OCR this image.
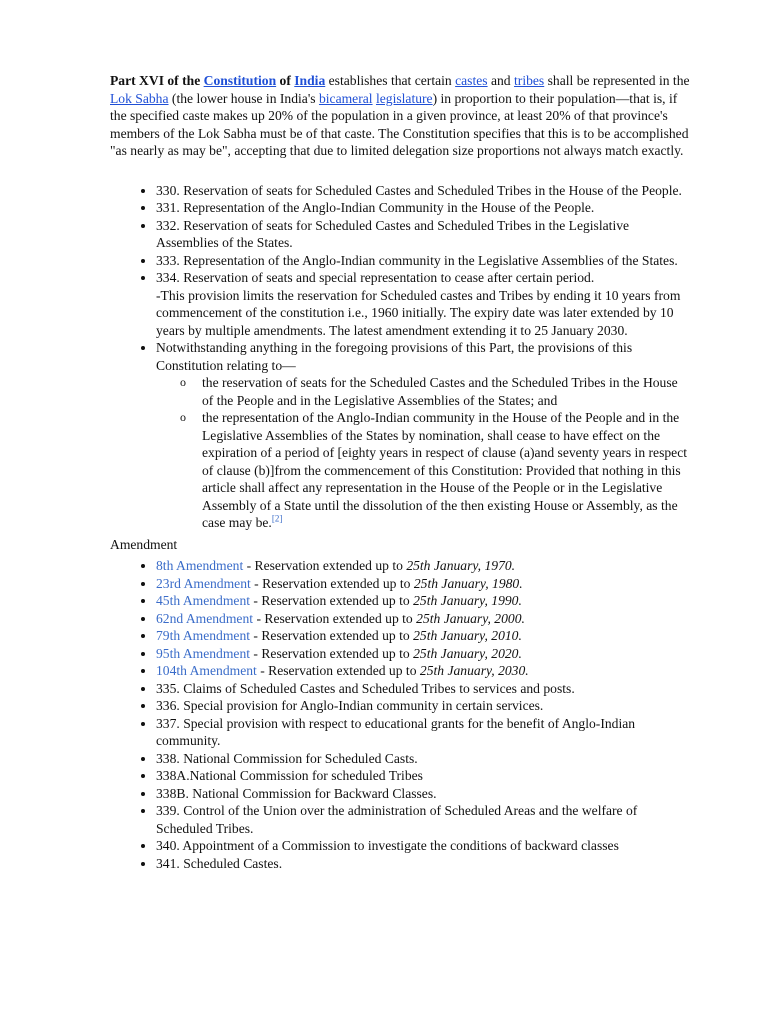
Part XVI of the Constitution of India establishes that certain castes and tribes shall be represented in the Lok Sabha (the lower house in India's bicameral legislature) in proportion to their population—that is, if the specified caste makes up 20% of the population in a given province, at least 20% of that province's members of the Lok Sabha must be of that caste. The Constitution specifies that this is to be accomplished "as nearly as may be", accepting that due to limited delegation size proportions not always match exactly.

• 330. Reservation of seats for Scheduled Castes and Scheduled Tribes in the House of the People.
• 331. Representation of the Anglo-Indian Community in the House of the People.
• 332. Reservation of seats for Scheduled Castes and Scheduled Tribes in the Legislative Assemblies of the States.
• 333. Representation of the Anglo-Indian community in the Legislative Assemblies of the States.
• 334. Reservation of seats and special representation to cease after certain period.
-This provision limits the reservation for Scheduled castes and Tribes by ending it 10 years from commencement of the constitution i.e., 1960 initially. The expiry date was later extended by 10 years by multiple amendments. The latest amendment extending it to 25 January 2030.
• Notwithstanding anything in the foregoing provisions of this Part, the provisions of this Constitution relating to—
o the reservation of seats for the Scheduled Castes and the Scheduled Tribes in the House of the People and in the Legislative Assemblies of the States; and
o the representation of the Anglo-Indian community in the House of the People and in the Legislative Assemblies of the States by nomination, shall cease to have effect on the expiration of a period of [eighty years in respect of clause (a)and seventy years in respect of clause (b)]from the commencement of this Constitution: Provided that nothing in this article shall affect any representation in the House of the People or in the Legislative Assembly of a State until the dissolution of the then existing House or Assembly, as the case may be.[2]

Amendment

• 8th Amendment - Reservation extended up to 25th January, 1970.
• 23rd Amendment - Reservation extended up to 25th January, 1980.
• 45th Amendment - Reservation extended up to 25th January, 1990.
• 62nd Amendment - Reservation extended up to 25th January, 2000.
• 79th Amendment - Reservation extended up to 25th January, 2010.
• 95th Amendment - Reservation extended up to 25th January, 2020.
• 104th Amendment - Reservation extended up to 25th January, 2030.
• 335. Claims of Scheduled Castes and Scheduled Tribes to services and posts.
• 336. Special provision for Anglo-Indian community in certain services.
• 337. Special provision with respect to educational grants for the benefit of Anglo-Indian community.
• 338. National Commission for Scheduled Casts.
• 338A.National Commission for scheduled Tribes
• 338B. National Commission for Backward Classes.
• 339. Control of the Union over the administration of Scheduled Areas and the welfare of Scheduled Tribes.
• 340. Appointment of a Commission to investigate the conditions of backward classes
• 341. Scheduled Castes.
